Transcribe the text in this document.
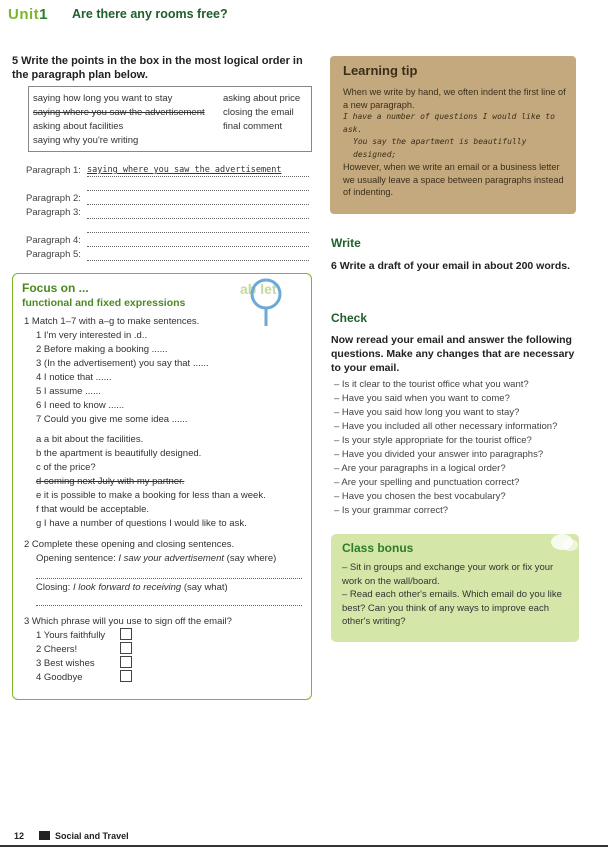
Unit1 Are there any rooms free?
5 Write the points in the box in the most logical order in the paragraph plan below.
saying how long you want to stay
saying where you saw the advertisement
asking about facilities
saying why you're writing
asking about price
closing the email
final comment
Paragraph 1: saying where you saw the advertisement
Paragraph 2:
Paragraph 3:
Paragraph 4:
Paragraph 5:
Focus on ...
functional and fixed expressions
ab let
1 Match 1–7 with a–g to make sentences.
1 I'm very interested in .d..
2 Before making a booking ......
3 (In the advertisement) you say that ......
4 I notice that ......
5 I assume ......
6 I need to know ......
7 Could you give me some idea ......
a a bit about the facilities.
b the apartment is beautifully designed.
c of the price?
d coming next July with my partner.
e it is possible to make a booking for less than a week.
f that would be acceptable.
g I have a number of questions I would like to ask.
2 Complete these opening and closing sentences.
Opening sentence: I saw your advertisement (say where)
Closing: I look forward to receiving (say what)
3 Which phrase will you use to sign off the email?
1 Yours faithfully
2 Cheers!
3 Best wishes
4 Goodbye
Learning tip
When we write by hand, we often indent the first line of a new paragraph.
I have a number of questions I would like to ask.
You say the apartment is beautifully designed;
However, when we write an email or a business letter we usually leave a space between paragraphs instead of indenting.
Write
6 Write a draft of your email in about 200 words.
Check
Now reread your email and answer the following questions. Make any changes that are necessary to your email.
– Is it clear to the tourist office what you want?
– Have you said when you want to come?
– Have you said how long you want to stay?
– Have you included all other necessary information?
– Is your style appropriate for the tourist office?
– Have you divided your answer into paragraphs?
– Are your paragraphs in a logical order?
– Are your spelling and punctuation correct?
– Have you chosen the best vocabulary?
– Is your grammar correct?
Class bonus
– Sit in groups and exchange your work or fix your work on the wall/board.
– Read each other's emails. Which email do you like best? Can you think of any ways to improve each other's writing?
12	Social and Travel
